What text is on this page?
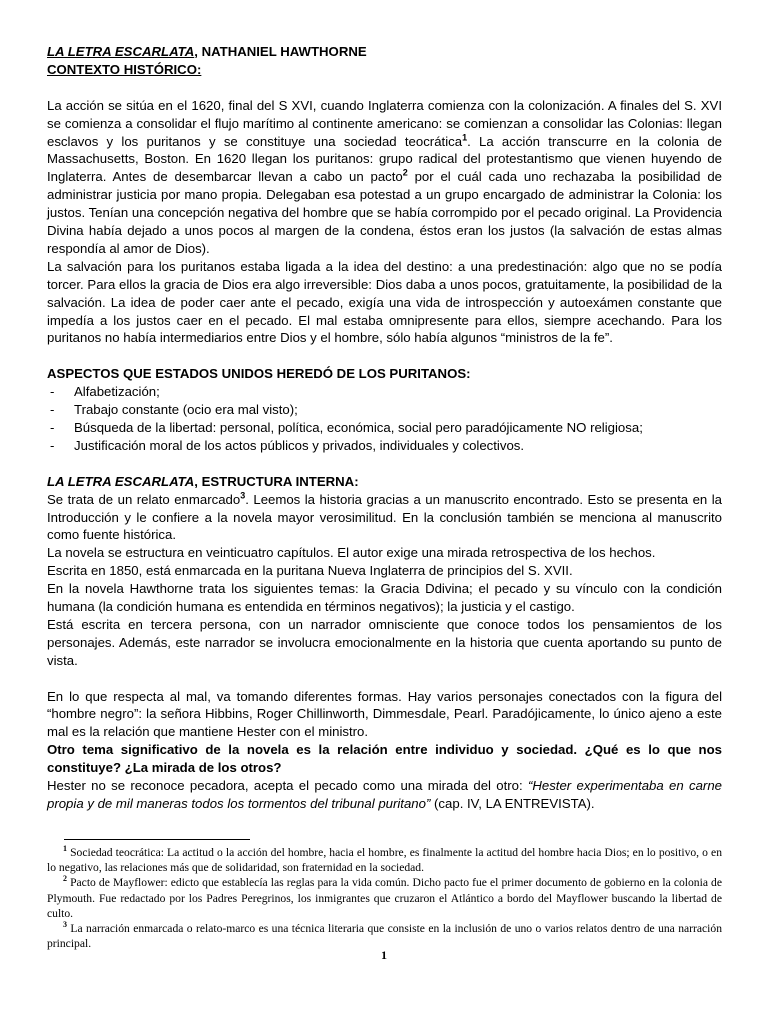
LA LETRA ESCARLATA, NATHANIEL HAWTHORNE

CONTEXTO HISTÓRICO:

La acción se sitúa en el 1620, final del S XVI, cuando Inglaterra comienza con la colonización. A finales del S. XVI se comienza a consolidar el flujo marítimo al continente americano: se comienzan a consolidar las Colonias: llegan esclavos y los puritanos y se constituye una sociedad teocrática$^1$. La acción transcurre en la colonia de Massachusetts, Boston. En 1620 llegan los puritanos: grupo radical del protestantismo que vienen huyendo de Inglaterra. Antes de desembarcar llevan a cabo un pacto$^2$ por el cuál cada uno rechazaba la posibilidad de administrar justicia por mano propia. Delegaban esa potestad a un grupo encargado de administrar la Colonia: los justos. Tenían una concepción negativa del hombre que se había corrompido por el pecado original. La Providencia Divina había dejado a unos pocos al margen de la condena, éstos eran los justos (la salvación de estas almas respondía al amor de Dios).

La salvación para los puritanos estaba ligada a la idea del destino: a una predestinación: algo que no se podía torcer. Para ellos la gracia de Dios era algo irreversible: Dios daba a unos pocos, gratuitamente, la posibilidad de la salvación. La idea de poder caer ante el pecado, exigía una vida de introspección y autoexámen constante que impedía a los justos caer en el pecado. El mal estaba omnipresente para ellos, siempre acechando. Para los puritanos no había intermediarios entre Dios y el hombre, sólo había algunos “ministros de la fe”.

ASPECTOS QUE ESTADOS UNIDOS HEREDÓ DE LOS PURITANOS:

- Alfabetización;
- Trabajo constante (ocio era mal visto);
- Búsqueda de la libertad: personal, política, económica, social pero paradójicamente NO religiosa;
- Justificación moral de los actos públicos y privados, individuales y colectivos.

LA LETRA ESCARLATA, ESTRUCTURA INTERNA:

Se trata de un relato enmarcado$^3$. Leemos la historia gracias a un manuscrito encontrado. Esto se presenta en la Introducción y le confiere a la novela mayor verosimilitud. En la conclusión también se menciona al manuscrito como fuente histórica.

La novela se estructura en veinticuatro capítulos. El autor exige una mirada retrospectiva de los hechos.

Escrita en 1850, está enmarcada en la puritana Nueva Inglaterra de principios del S. XVII.

En la novela Hawthorne trata los siguientes temas: la Gracia Ddivina; el pecado y su vínculo con la condición humana (la condición humana es entendida en términos negativos); la justicia y el castigo.

Está escrita en tercera persona, con un narrador omnisciente que conoce todos los pensamientos de los personajes. Además, este narrador se involucra emocionalmente en la historia que cuenta aportando su punto de vista.

En lo que respecta al mal, va tomando diferentes formas. Hay varios personajes conectados con la figura del “hombre negro”: la señora Hibbins, Roger Chillinworth, Dimmesdale, Pearl. Paradójicamente, lo único ajeno a este mal es la relación que mantiene Hester con el ministro.

Otro tema significativo de la novela es la relación entre individuo y sociedad. ¿Qué es lo que nos constituye? ¿La mirada de los otros?

Hester no se reconoce pecadora, acepta el pecado como una mirada del otro: “Hester experimentaba en carne propia y de mil maneras todos los tormentos del tribunal puritano” (cap. IV, LA ENTREVISTA).

$^1$ Sociedad teocrática: La actitud o la acción del hombre, hacia el hombre, es finalmente la actitud del hombre hacia Dios; en lo positivo, o en lo negativo, las relaciones más que de solidaridad, son fraternidad en la sociedad.

$^2$ Pacto de Mayflower: edicto que establecía las reglas para la vida común. Dicho pacto fue el primer documento de gobierno en la colonia de Plymouth. Fue redactado por los Padres Peregrinos, los inmigrantes que cruzaron el Atlántico a bordo del Mayflower buscando la libertad de culto.

$^3$ La narración enmarcada o relato-marco es una técnica literaria que consiste en la inclusión de uno o varios relatos dentro de una narración principal.

1
